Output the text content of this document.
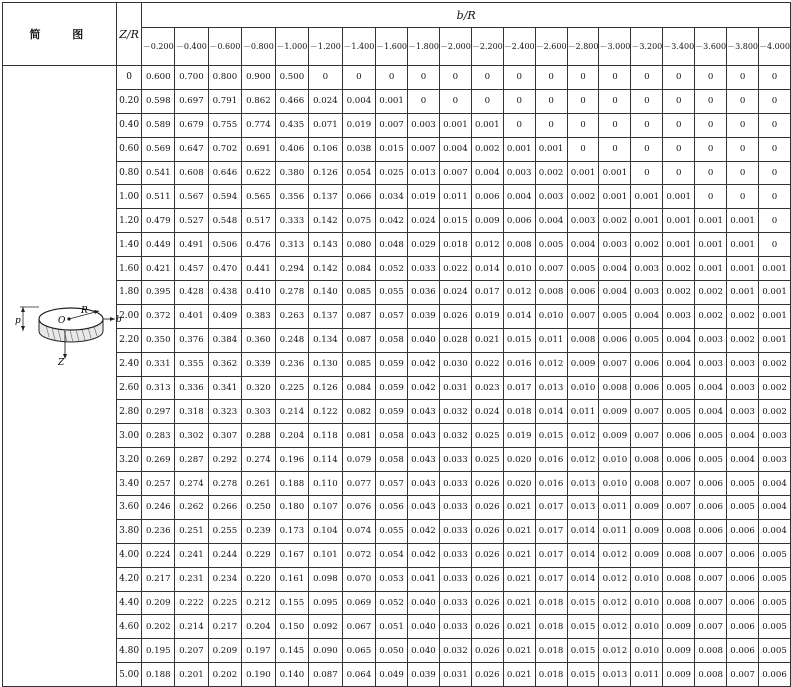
简 图	Z/R	b/R																			
		－0.200	－0.400	－0.600	－0.800	－1.000	－1.200	－1.400	－1.600	－1.800	－2.000	－2.200	－2.400	－2.600	－2.800	－3.000	－3.200	－3.400	－3.600	－3.800	－4.000

p O
R
b
Z	0	0.600	0.700	0.800	0.900	0.500	0	0	0	0	0	0	0	0	0	0	0	0	0	0	0
	0.20	0.598	0.697	0.791	0.862	0.466	0.024	0.004	0.001	0	0	0	0	0	0	0	0	0	0	0	0
	0.40	0.589	0.679	0.755	0.774	0.435	0.071	0.019	0.007	0.003	0.001	0.001	0	0	0	0	0	0	0	0	0
	0.60	0.569	0.647	0.702	0.691	0.406	0.106	0.038	0.015	0.007	0.004	0.002	0.001	0.001	0	0	0	0	0	0	0
	0.80	0.541	0.608	0.646	0.622	0.380	0.126	0.054	0.025	0.013	0.007	0.004	0.003	0.002	0.001	0.001	0	0	0	0	0
	1.00	0.511	0.567	0.594	0.565	0.356	0.137	0.066	0.034	0.019	0.011	0.006	0.004	0.003	0.002	0.001	0.001	0.001	0	0	0
	1.20	0.479	0.527	0.548	0.517	0.333	0.142	0.075	0.042	0.024	0.015	0.009	0.006	0.004	0.003	0.002	0.001	0.001	0.001	0.001	0
	1.40	0.449	0.491	0.506	0.476	0.313	0.143	0.080	0.048	0.029	0.018	0.012	0.008	0.005	0.004	0.003	0.002	0.001	0.001	0.001	0
	1.60	0.421	0.457	0.470	0.441	0.294	0.142	0.084	0.052	0.033	0.022	0.014	0.010	0.007	0.005	0.004	0.003	0.002	0.001	0.001	0.001
	1.80	0.395	0.428	0.438	0.410	0.278	0.140	0.085	0.055	0.036	0.024	0.017	0.012	0.008	0.006	0.004	0.003	0.002	0.002	0.001	0.001
	2.00	0.372	0.401	0.409	0.383	0.263	0.137	0.087	0.057	0.039	0.026	0.019	0.014	0.010	0.007	0.005	0.004	0.003	0.002	0.002	0.001
	2.20	0.350	0.376	0.384	0.360	0.248	0.134	0.087	0.058	0.040	0.028	0.021	0.015	0.011	0.008	0.006	0.005	0.004	0.003	0.002	0.001
	2.40	0.331	0.355	0.362	0.339	0.236	0.130	0.085	0.059	0.042	0.030	0.022	0.016	0.012	0.009	0.007	0.006	0.004	0.003	0.003	0.002
	2.60	0.313	0.336	0.341	0.320	0.225	0.126	0.084	0.059	0.042	0.031	0.023	0.017	0.013	0.010	0.008	0.006	0.005	0.004	0.003	0.002
	2.80	0.297	0.318	0.323	0.303	0.214	0.122	0.082	0.059	0.043	0.032	0.024	0.018	0.014	0.011	0.009	0.007	0.005	0.004	0.003	0.002
	3.00	0.283	0.302	0.307	0.288	0.204	0.118	0.081	0.058	0.043	0.032	0.025	0.019	0.015	0.012	0.009	0.007	0.006	0.005	0.004	0.003
	3.20	0.269	0.287	0.292	0.274	0.196	0.114	0.079	0.058	0.043	0.033	0.025	0.020	0.016	0.012	0.010	0.008	0.006	0.005	0.004	0.003
	3.40	0.257	0.274	0.278	0.261	0.188	0.110	0.077	0.057	0.043	0.033	0.026	0.020	0.016	0.013	0.010	0.008	0.007	0.006	0.005	0.004
	3.60	0.246	0.262	0.266	0.250	0.180	0.107	0.076	0.056	0.043	0.033	0.026	0.021	0.017	0.013	0.011	0.009	0.007	0.006	0.005	0.004
	3.80	0.236	0.251	0.255	0.239	0.173	0.104	0.074	0.055	0.042	0.033	0.026	0.021	0.017	0.014	0.011	0.009	0.008	0.006	0.006	0.004
	4.00	0.224	0.241	0.244	0.229	0.167	0.101	0.072	0.054	0.042	0.033	0.026	0.021	0.017	0.014	0.012	0.009	0.008	0.007	0.006	0.005
	4.20	0.217	0.231	0.234	0.220	0.161	0.098	0.070	0.053	0.041	0.033	0.026	0.021	0.017	0.014	0.012	0.010	0.008	0.007	0.006	0.005
	4.40	0.209	0.222	0.225	0.212	0.155	0.095	0.069	0.052	0.040	0.033	0.026	0.021	0.018	0.015	0.012	0.010	0.008	0.007	0.006	0.005
	4.60	0.202	0.214	0.217	0.204	0.150	0.092	0.067	0.051	0.040	0.033	0.026	0.021	0.018	0.015	0.012	0.010	0.009	0.007	0.006	0.005
	4.80	0.195	0.207	0.209	0.197	0.145	0.090	0.065	0.050	0.040	0.032	0.026	0.021	0.018	0.015	0.012	0.010	0.009	0.008	0.006	0.005
	5.00	0.188	0.201	0.202	0.190	0.140	0.087	0.064	0.049	0.039	0.031	0.026	0.021	0.018	0.015	0.013	0.011	0.009	0.008	0.007	0.006
